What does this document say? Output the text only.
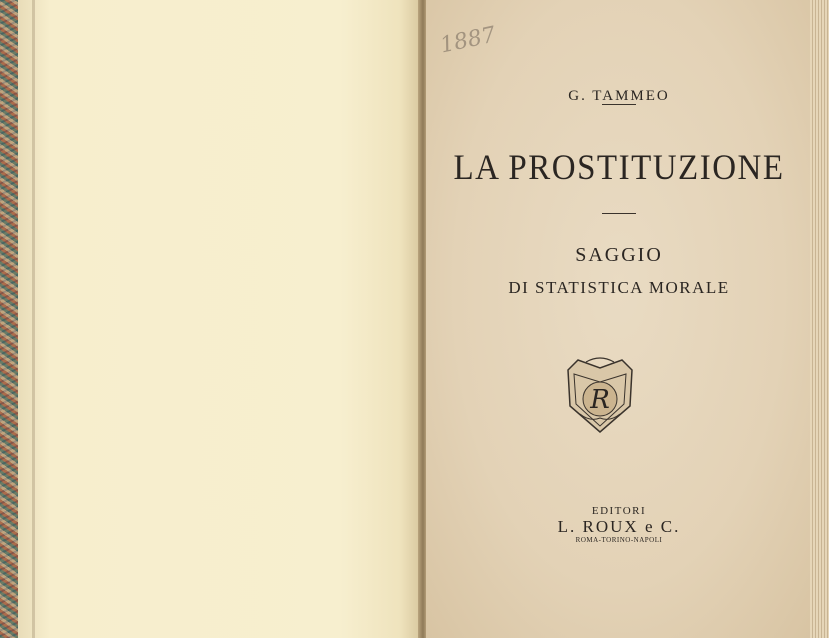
1887
G. TAMMEO
LA PROSTITUZIONE
SAGGIO
DI STATISTICA MORALE
R
EDITORI
L. ROUX e C.
ROMA-TORINO-NAPOLI
